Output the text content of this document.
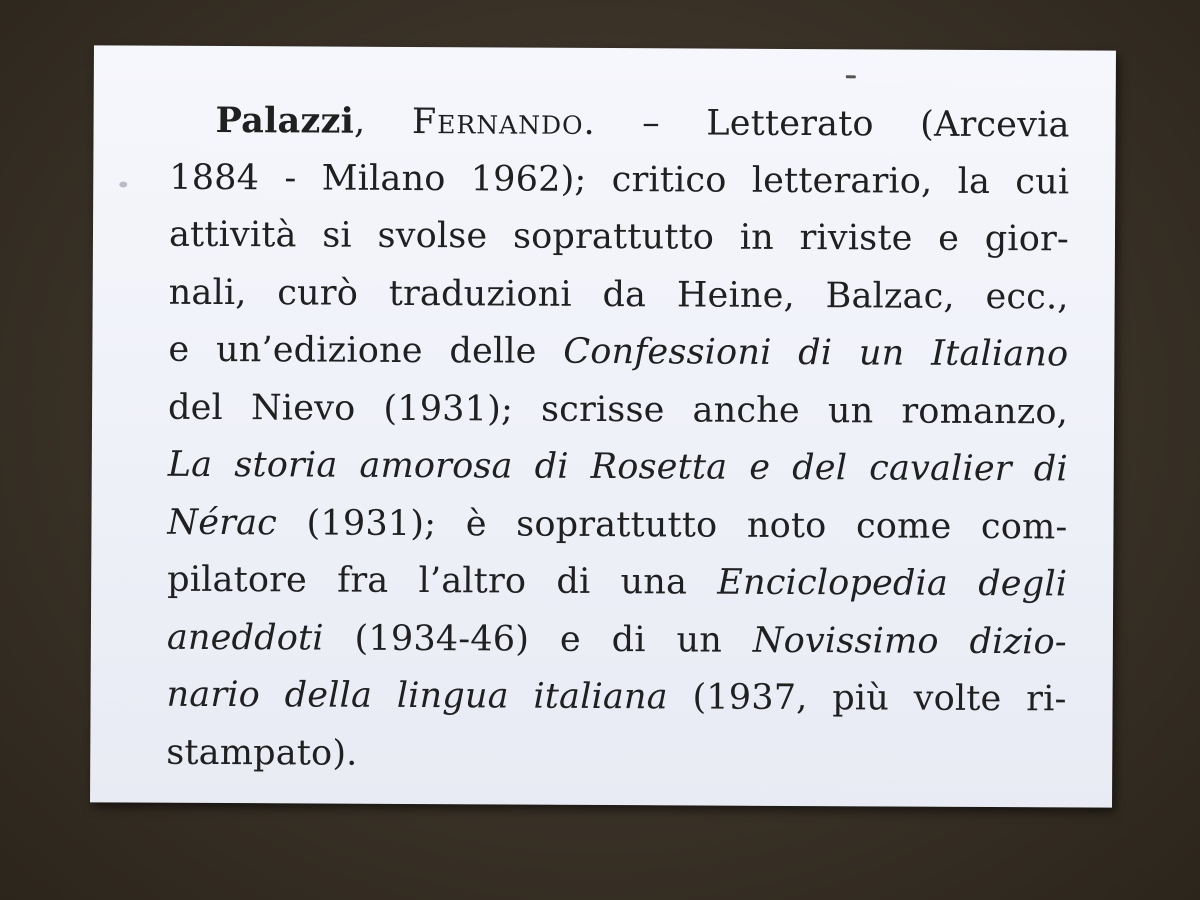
Palazzi, Fernando. – Letterato (Arcevia
1884 - Milano 1962); critico letterario, la cui
attività si svolse soprattutto in riviste e gior-
nali, curò traduzioni da Heine, Balzac, ecc.,
e un’edizione delle Confessioni di un Italiano
del Nievo (1931); scrisse anche un romanzo,
La storia amorosa di Rosetta e del cavalier di
Nérac (1931); è soprattutto noto come com-
pilatore fra l’altro di una Enciclopedia degli
aneddoti (1934-46) e di un Novissimo dizio-
nario della lingua italiana (1937, più volte ri-
stampato).
